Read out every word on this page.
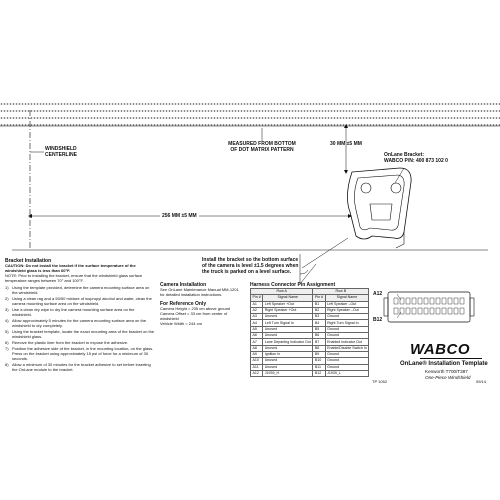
WINDSHIELD
CENTERLINE
MEASURED FROM BOTTOM
OF DOT MATRIX PATTERN
30 MM ±5 MM
OnLane Bracket:
WABCO P/N: 400 873 102 0
256 MM ±5 MM
Install the bracket so the bottom surface
of the camera is level ±1.5 degrees when
the truck is parked on a level surface.
Bracket Installation
CAUTION: Do not install the bracket if the surface temperature of the windshield glass is less than 60°F.
NOTE: Prior to installing the bracket, ensure that the windshield glass surface temperature ranges between 70° and 100°F.
1) Using the template provided, determine the camera mounting surface area on the windshield.
2) Using a clean rag and a 50/50 mixture of isopropyl alcohol and water, clean the camera mounting surface area on the windshield.
3) Use a clean dry wipe to dry the camera mounting surface area on the windshield.
4) Allow approximately 5 minutes for the camera mounting surface area on the windshield to dry completely.
5) Using the bracket template, locate the exact mounting area of the bracket on the windshield glass.
6) Remove the plastic liner from the bracket to expose the adhesive.
7) Position the adhesive side of the bracket, in the mounting location, on the glass. Press on the bracket using approximately 15 psi of force for a minimum of 30 seconds.
8) Allow a minimum of 30 minutes for the bracket adhesive to set before inserting the OnLane module to the bracket.
Camera Installation
See OnLane Maintenance Manual MM-1201 for detailed installation instructions.
For Reference Only
Camera Height = 235 cm above ground
Camera Offset = 33 cm from center of windshield
Vehicle Width = 244 cm
Harness Connector Pin Assignment
Row A		Row B	
Pin #	Signal Name	Pin #	Signal Name
A1	Left Speaker +Out	B1	Left Speaker –Out
A2	Right Speaker +Out	B2	Right Speaker –Out
A3	Unused	B3	Ground
A4	Left Turn Signal In	B4	Right Turn Signal In
A5	Unused	B5	Ground
A6	Unused	B6	Ground
A7	Lane Departing Indicator Out	B7	Enabled Indicator Out
A8	Unused	B8	Enable/Disable Switch In
A9	Ignition In	B9	Ground
A10	Unused	B10	Ground
A11	Unused	B11	Ground
A12	J1939_H	B12	J1939_L
A12
B12
WABCO
OnLane® Installation Template
Kenworth T700/T387
One-Piece Windshield
TP 1052	09/14
